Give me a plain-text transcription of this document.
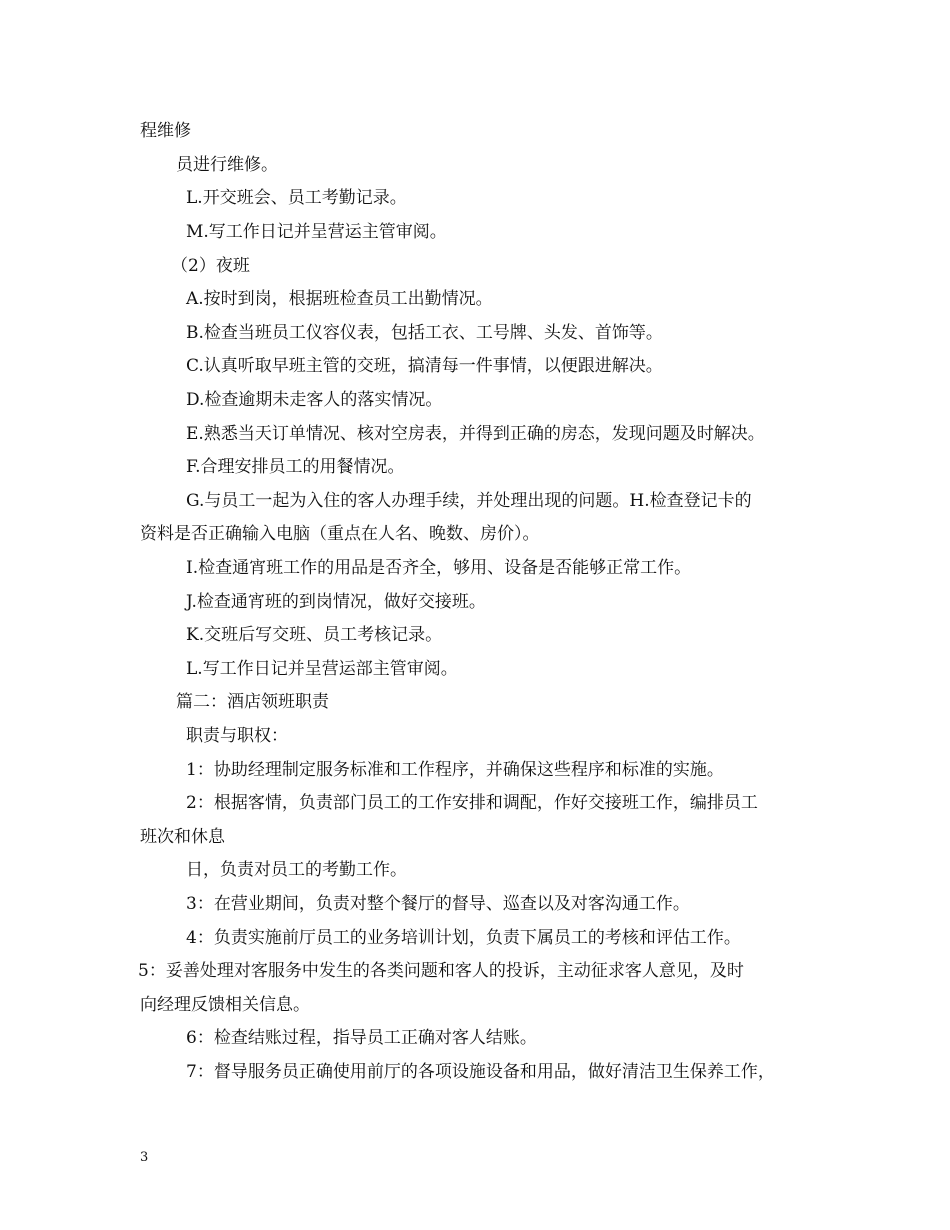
程维修
员进行维修。
L.开交班会、员工考勤记录。
M.写工作日记并呈营运主管审阅。
（2）夜班
A.按时到岗，根据班检查员工出勤情况。
B.检查当班员工仪容仪表，包括工衣、工号牌、头发、首饰等。
C.认真听取早班主管的交班，搞清每一件事情，以便跟进解决。
D.检查逾期未走客人的落实情况。
E.熟悉当天订单情况、核对空房表，并得到正确的房态，发现问题及时解决。
F.合理安排员工的用餐情况。
G.与员工一起为入住的客人办理手续，并处理出现的问题。H.检查登记卡的
资料是否正确输入电脑（重点在人名、晚数、房价）。
I.检查通宵班工作的用品是否齐全，够用、设备是否能够正常工作。
J.检查通宵班的到岗情况，做好交接班。
K.交班后写交班、员工考核记录。
L.写工作日记并呈营运部主管审阅。
篇二：酒店领班职责
职责与职权：
1：协助经理制定服务标准和工作程序，并确保这些程序和标准的实施。
2：根据客情，负责部门员工的工作安排和调配，作好交接班工作，编排员工
班次和休息
日，负责对员工的考勤工作。
3：在营业期间，负责对整个餐厅的督导、巡查以及对客沟通工作。
4：负责实施前厅员工的业务培训计划，负责下属员工的考核和评估工作。
5：妥善处理对客服务中发生的各类问题和客人的投诉，主动征求客人意见，及时
向经理反馈相关信息。
6：检查结账过程，指导员工正确对客人结账。
7：督导服务员正确使用前厅的各项设施设备和用品，做好清洁卫生保养工作，
3
